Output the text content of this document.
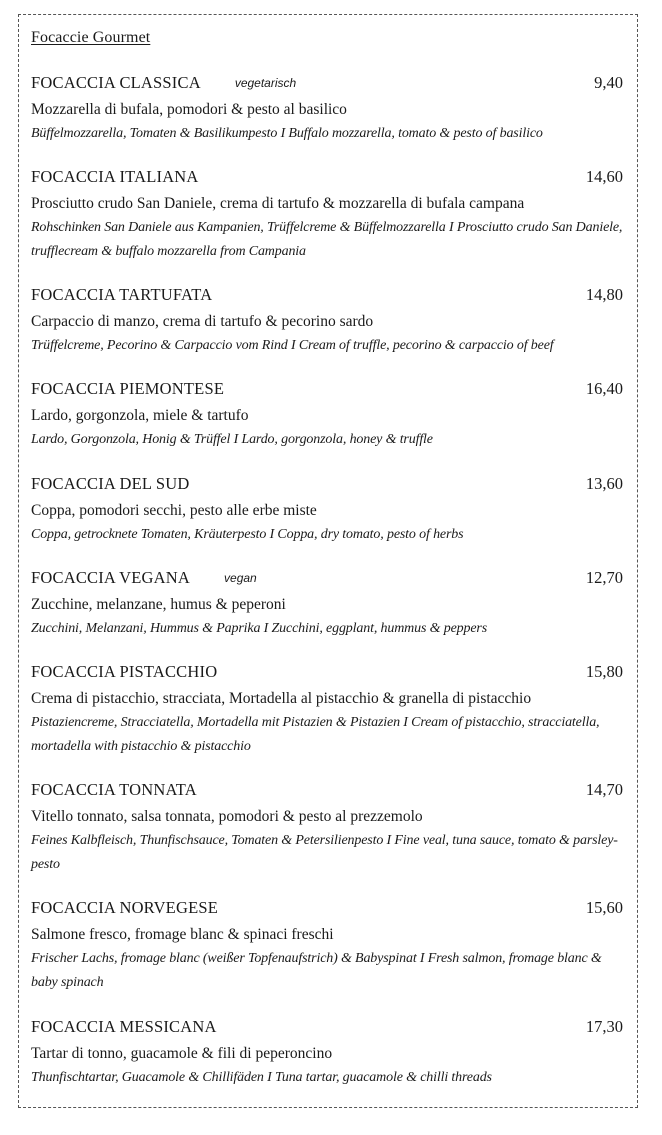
Focaccie Gourmet
FOCACCIA CLASSICA	vegetarisch	9,40
Mozzarella di bufala, pomodori & pesto al basilico
Büffelmozzarella, Tomaten & Basilikumpesto I Buffalo mozzarella, tomato & pesto of basilico
FOCACCIA ITALIANA	14,60
Prosciutto crudo San Daniele, crema di tartufo & mozzarella di bufala campana
Rohschinken San Daniele aus Kampanien, Trüffelcreme & Büffelmozzarella I Prosciutto crudo San Daniele, trufflecream & buffalo mozzarella from Campania
FOCACCIA TARTUFATA	14,80
Carpaccio di manzo, crema di tartufo & pecorino sardo
Trüffelcreme, Pecorino & Carpaccio vom Rind I Cream of truffle, pecorino & carpaccio of beef
FOCACCIA PIEMONTESE	16,40
Lardo, gorgonzola, miele & tartufo
Lardo, Gorgonzola, Honig & Trüffel I Lardo, gorgonzola, honey & truffle
FOCACCIA DEL SUD	13,60
Coppa, pomodori secchi, pesto alle erbe miste
Coppa, getrocknete Tomaten, Kräuterpesto I Coppa, dry tomato, pesto of herbs
FOCACCIA VEGANA	vegan	12,70
Zucchine, melanzane, humus & peperoni
Zucchini, Melanzani, Hummus & Paprika I Zucchini, eggplant, hummus & peppers
FOCACCIA PISTACCHIO	15,80
Crema di pistacchio, stracciata, Mortadella al pistacchio & granella di pistacchio
Pistaziencreme, Stracciatella, Mortadella mit Pistazien & Pistazien I Cream of pistacchio, stracciatella, mortadella with pistacchio & pistacchio
FOCACCIA TONNATA	14,70
Vitello tonnato, salsa tonnata, pomodori & pesto al prezzemolo
Feines Kalbfleisch, Thunfischsauce, Tomaten & Petersilienpesto I Fine veal, tuna sauce, tomato & parsley-pesto
FOCACCIA NORVEGESE	15,60
Salmone fresco, fromage blanc & spinaci freschi
Frischer Lachs, fromage blanc (weißer Topfenaufstrich) & Babyspinat I Fresh salmon, fromage blanc & baby spinach
FOCACCIA MESSICANA	17,30
Tartar di tonno, guacamole & fili di peperoncino
Thunfischtartar, Guacamole & Chillifäden I Tuna tartar, guacamole & chilli threads
